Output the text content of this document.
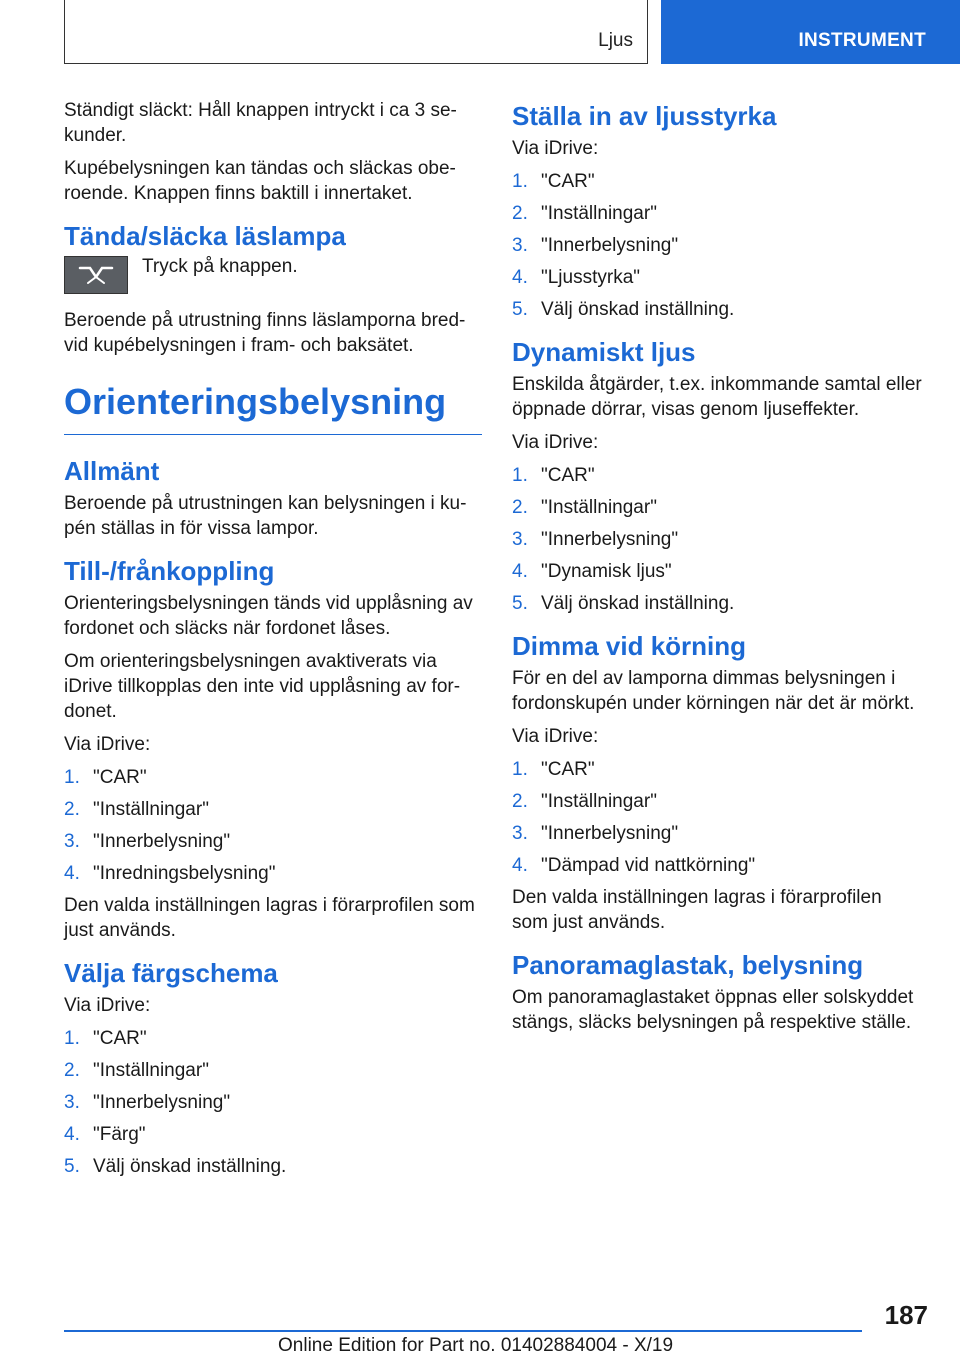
Ljus	INSTRUMENT

Ständigt släckt: Håll knappen intryckt i ca 3 se‐kunder.

Kupébelysningen kan tändas och släckas obe‐roende. Knappen finns baktill i innertaket.

Tända/släcka läslampa

Tryck på knappen.

Beroende på utrustning finns läslamporna bred‐vid kupébelysningen i fram- och baksätet.

Orienteringsbelysning
Allmänt

Beroende på utrustningen kan belysningen i ku‐pén ställas in för vissa lampor.

Till-/frånkoppling

Orienteringsbelysningen tänds vid upplåsning av fordonet och släcks när fordonet låses.

Om orienteringsbelysningen avaktiverats via iDrive tillkopplas den inte vid upplåsning av for‐donet.

Via iDrive:

1. "CAR"
2. "Inställningar"
3. "Innerbelysning"
4. "Inredningsbelysning"

Den valda inställningen lagras i förarprofilen som just används.

Välja färgschema

Via iDrive:

1. "CAR"
2. "Inställningar"
3. "Innerbelysning"
4. "Färg"
5. Välj önskad inställning.
Ställa in av ljusstyrka

Via iDrive:

1. "CAR"
2. "Inställningar"
3. "Innerbelysning"
4. "Ljusstyrka"
5. Välj önskad inställning.
Dynamiskt ljus

Enskilda åtgärder, t.ex. inkommande samtal eller öppnade dörrar, visas genom ljuseffekter.

Via iDrive:

1. "CAR"
2. "Inställningar"
3. "Innerbelysning"
4. "Dynamisk ljus"
5. Välj önskad inställning.
Dimma vid körning

För en del av lamporna dimmas belysningen i fordonskupén under körningen när det är mörkt.

Via iDrive:

1. "CAR"
2. "Inställningar"
3. "Innerbelysning"
4. "Dämpad vid nattkörning"

Den valda inställningen lagras i förarprofilen som just används.

Panoramaglastak, belysning

Om panoramaglastaket öppnas eller solskyddet stängs, släcks belysningen på respektive ställe.

187
Online Edition for Part no. 01402884004 - X/19
